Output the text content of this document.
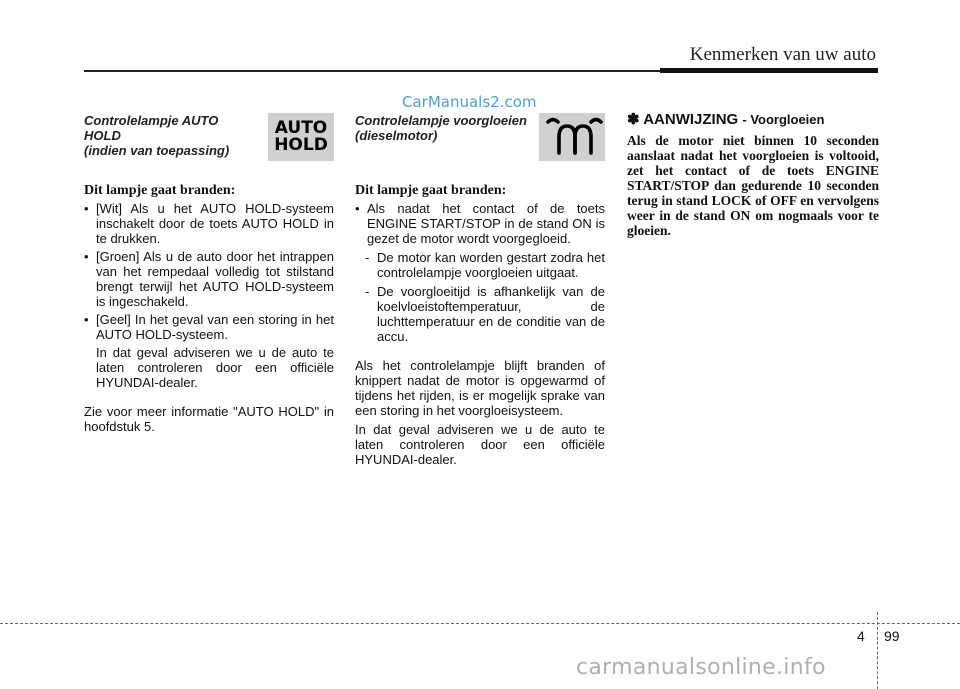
Kenmerken van uw auto
CarManuals2.com
Controlelampje AUTO
HOLD
(indien van toepassing)
AUTO
HOLD
Dit lampje gaat branden:
• [Wit] Als u het AUTO HOLD-systeem inschakelt door de toets AUTO HOLD in te drukken.
• [Groen] Als u de auto door het intrappen van het rempedaal volledig tot stilstand brengt terwijl het AUTO HOLD-systeem is ingeschakeld.
• [Geel] In het geval van een storing in het AUTO HOLD-systeem.
In dat geval adviseren we u de auto te laten controleren door een officiële HYUNDAI-dealer.
Zie voor meer informatie "AUTO HOLD" in hoofdstuk 5.
Controlelampje voorgloeien
(dieselmotor)
Dit lampje gaat branden:
• Als nadat het contact of de toets ENGINE START/STOP in de stand ON is gezet de motor wordt voorgegloeid.
- De motor kan worden gestart zodra het controlelampje voorgloeien uitgaat.
- De voorgloeitijd is afhankelijk van de koelvloeistoftemperatuur, de luchttemperatuur en de conditie van de accu.
Als het controlelampje blijft branden of knippert nadat de motor is opgewarmd of tijdens het rijden, is er mogelijk sprake van een storing in het voorgloeisysteem.
In dat geval adviseren we u de auto te laten controleren door een officiële HYUNDAI-dealer.
✽ AANWIJZING - Voorgloeien
Als de motor niet binnen 10 seconden aanslaat nadat het voorgloeien is voltooid, zet het contact of de toets ENGINE START/STOP dan gedurende 10 seconden terug in stand LOCK of OFF en vervolgens weer in de stand ON om nogmaals voor te gloeien.
4 99
carmanualsonline.info
